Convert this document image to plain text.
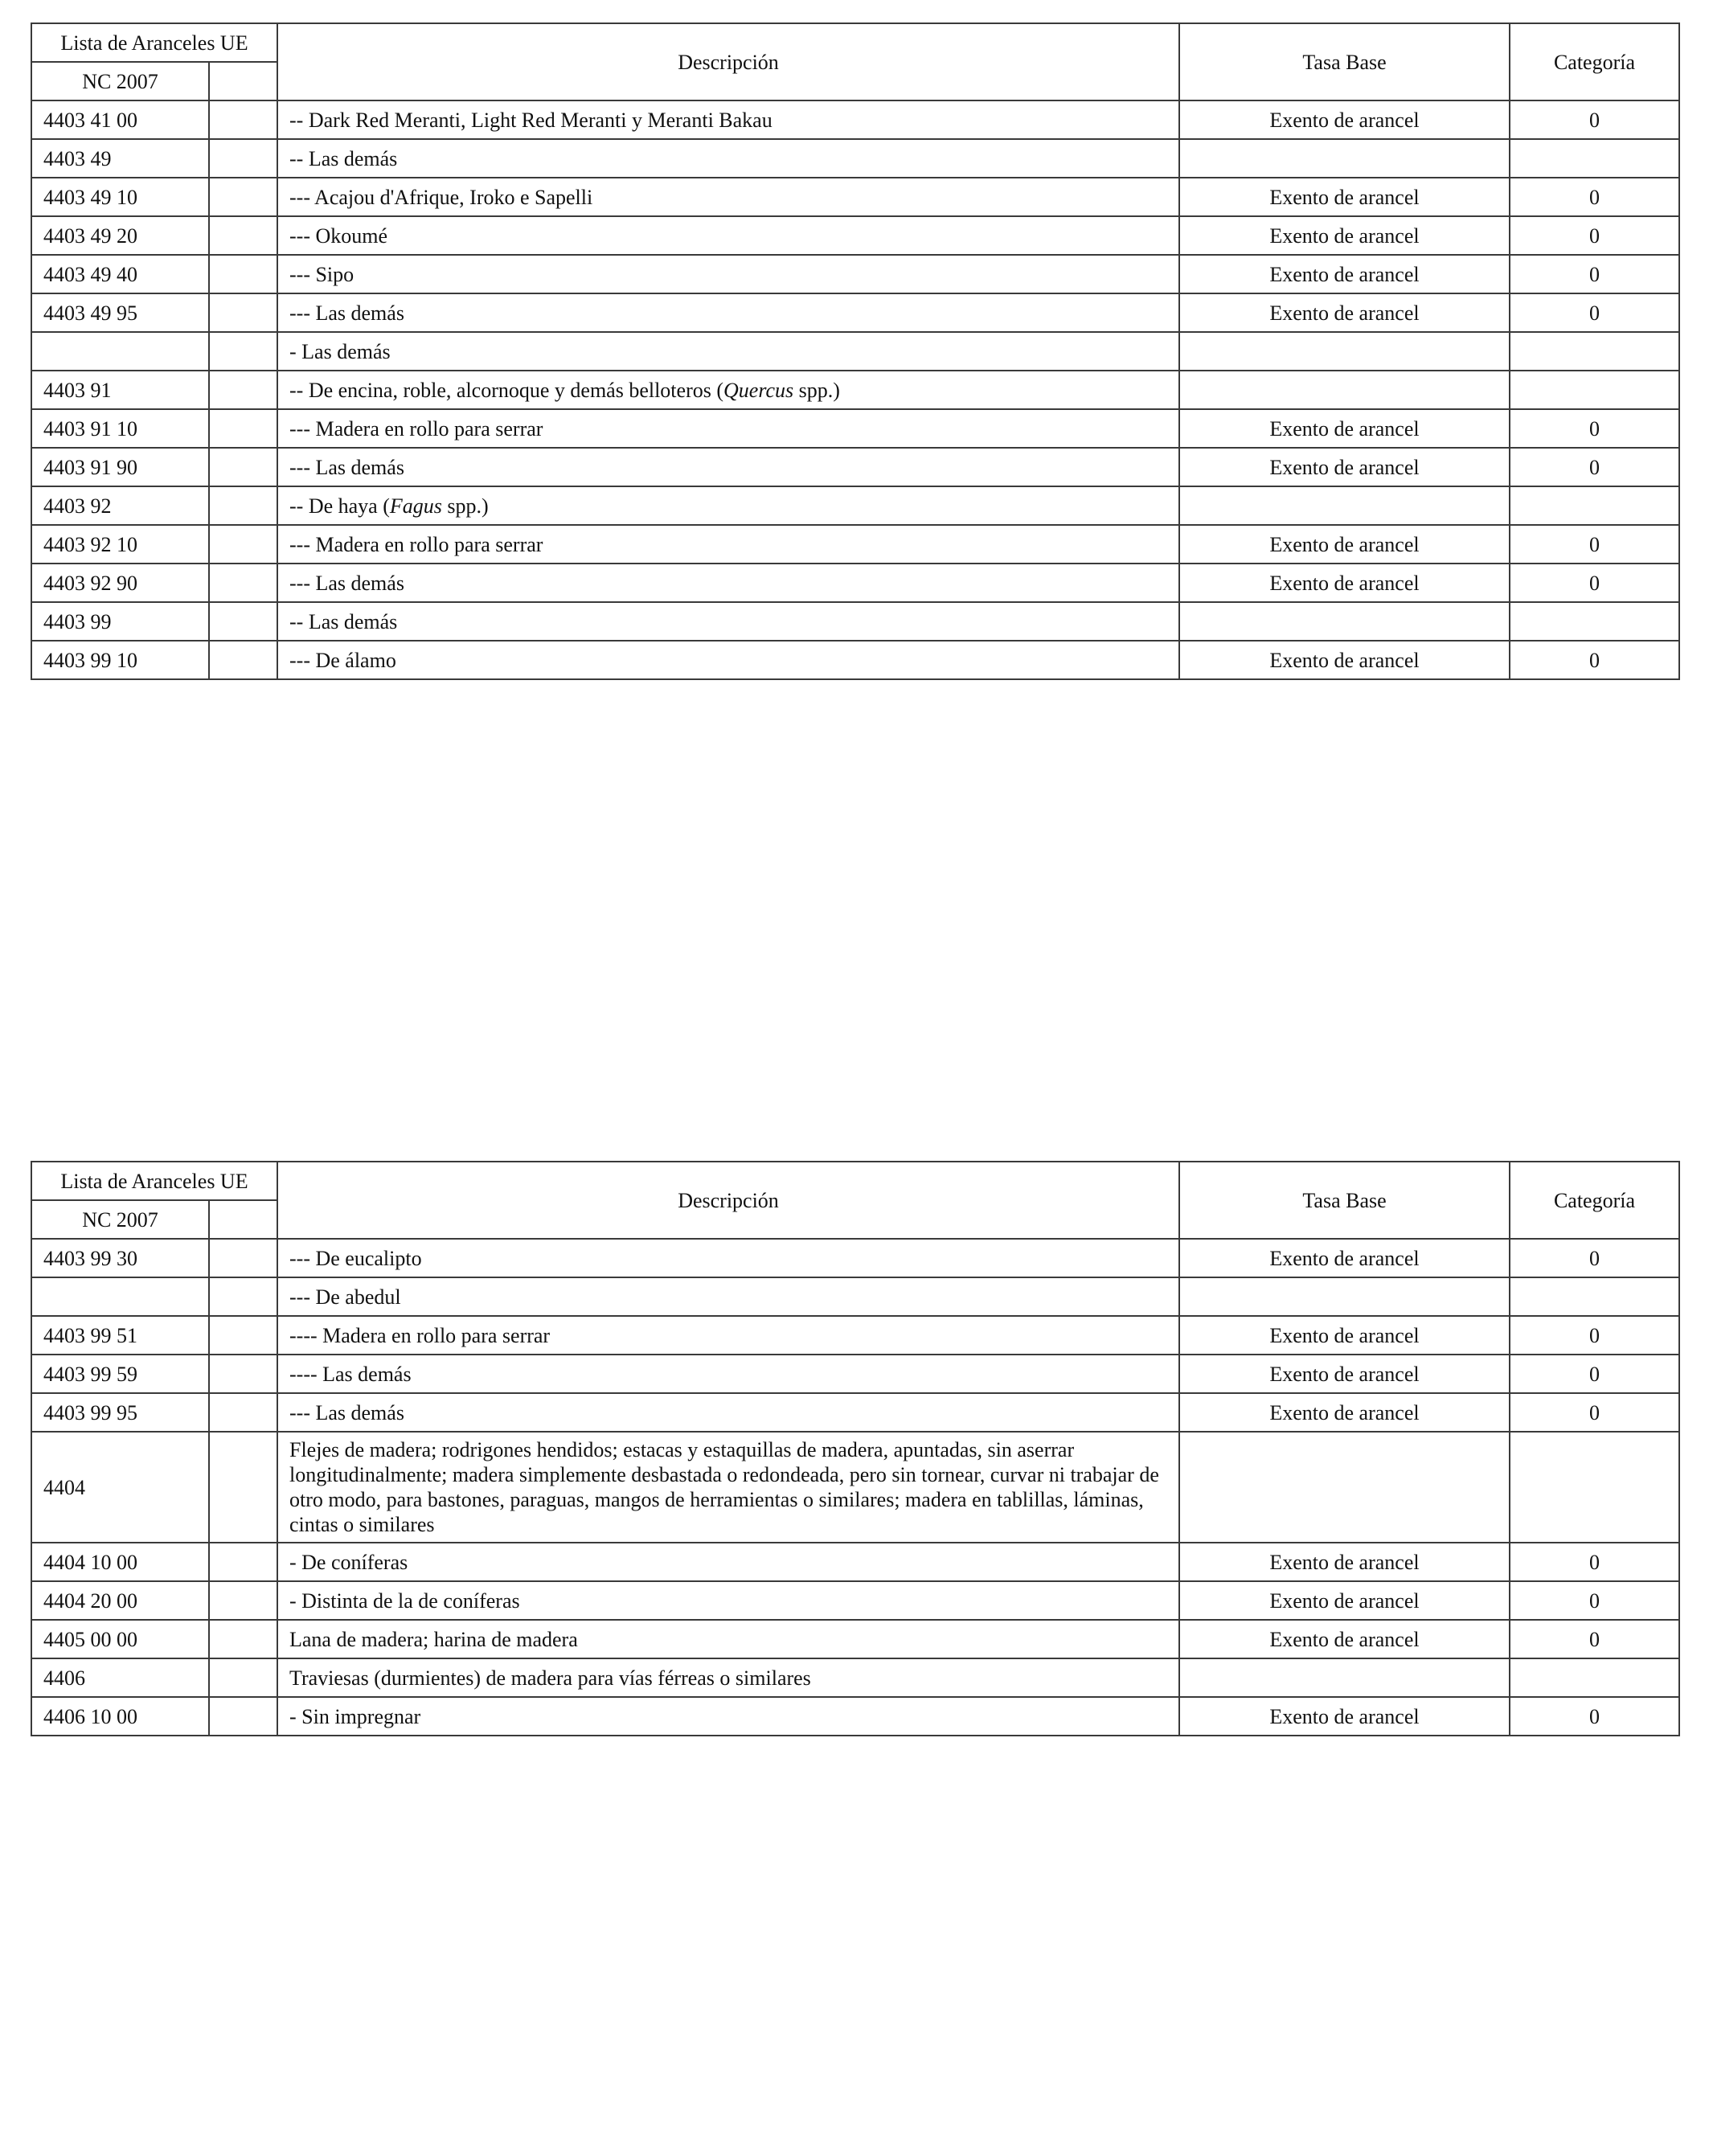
Lista de Aranceles UE		Descripción	Tasa Base	Categoría
NC 2007				
4403 41 00		-- Dark Red Meranti, Light Red Meranti y Meranti Bakau	Exento de arancel	0
4403 49		-- Las demás		
4403 49 10		--- Acajou d'Afrique, Iroko e Sapelli	Exento de arancel	0
4403 49 20		--- Okoumé	Exento de arancel	0
4403 49 40		--- Sipo	Exento de arancel	0
4403 49 95		--- Las demás	Exento de arancel	0
		- Las demás		
4403 91		-- De encina, roble, alcornoque y demás belloteros (Quercus spp.)		
4403 91 10		--- Madera en rollo para serrar	Exento de arancel	0
4403 91 90		--- Las demás	Exento de arancel	0
4403 92		-- De haya (Fagus spp.)		
4403 92 10		--- Madera en rollo para serrar	Exento de arancel	0
4403 92 90		--- Las demás	Exento de arancel	0
4403 99		-- Las demás		
4403 99 10		--- De álamo	Exento de arancel	0
Lista de Aranceles UE		Descripción	Tasa Base	Categoría
NC 2007				
4403 99 30		--- De eucalipto	Exento de arancel	0
		--- De abedul		
4403 99 51		---- Madera en rollo para serrar	Exento de arancel	0
4403 99 59		---- Las demás	Exento de arancel	0
4403 99 95		--- Las demás	Exento de arancel	0
4404		Flejes de madera; rodrigones hendidos; estacas y estaquillas de madera, apuntadas, sin aserrar longitudinalmente; madera simplemente desbastada o redondeada, pero sin tornear, curvar ni trabajar de otro modo, para bastones, paraguas, mangos de herramientas o similares; madera en tablillas, láminas, cintas o similares		
4404 10 00		- De coníferas	Exento de arancel	0
4404 20 00		- Distinta de la de coníferas	Exento de arancel	0
4405 00 00		Lana de madera; harina de madera	Exento de arancel	0
4406		Traviesas (durmientes) de madera para vías férreas o similares		
4406 10 00		- Sin impregnar	Exento de arancel	0
